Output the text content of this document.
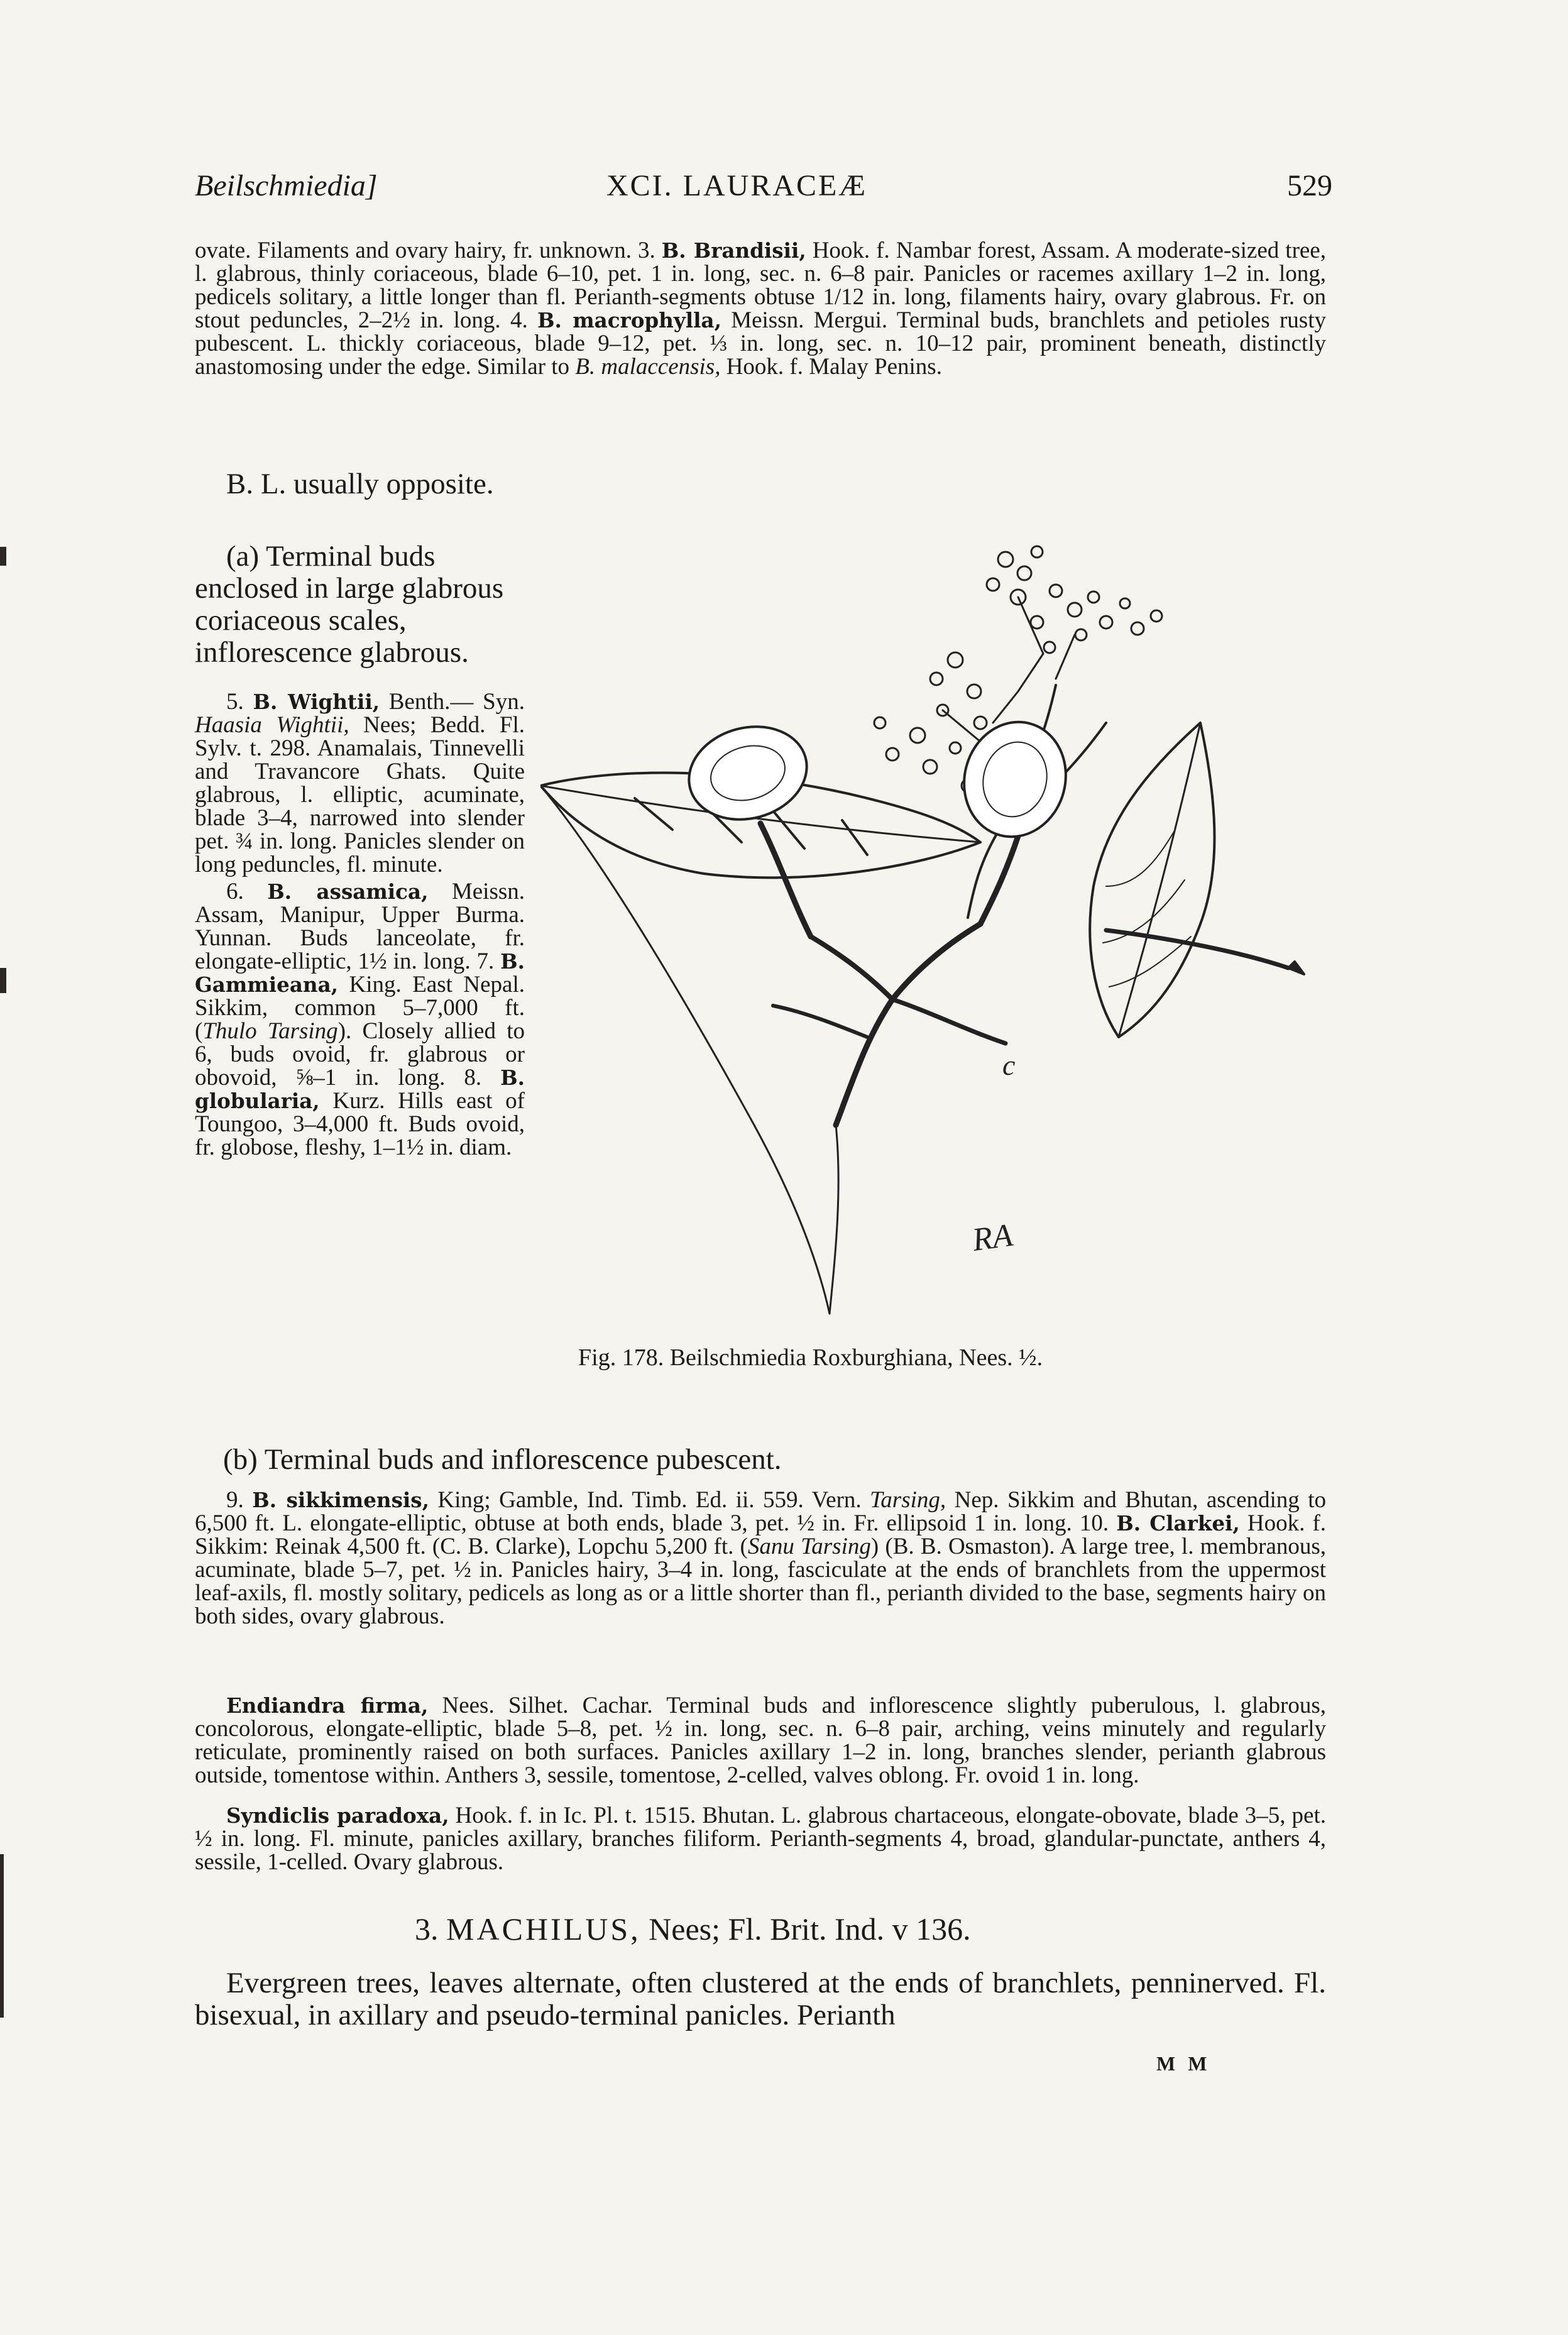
Beilschmiedia]	XCI. LAURACEÆ	529

ovate. Filaments and ovary hairy, fr. unknown. 3. B. Brandisii, Hook. f. Nambar forest, Assam. A moderate-sized tree, l. glabrous, thinly coriaceous, blade 6–10, pet. 1 in. long, sec. n. 6–8 pair. Panicles or racemes axillary 1–2 in. long, pedicels solitary, a little longer than fl. Perianth-segments obtuse 1/12 in. long, filaments hairy, ovary glabrous. Fr. on stout peduncles, 2–2½ in. long. 4. B. macrophylla, Meissn. Mergui. Terminal buds, branchlets and petioles rusty pubescent. L. thickly coriaceous, blade 9–12, pet. ⅓ in. long, sec. n. 10–12 pair, prominent beneath, distinctly anastomosing under the edge. Similar to B. malaccensis, Hook. f. Malay Penins.

B. L. usually opposite.

(a) Terminal buds enclosed in large glabrous coriaceous scales, inflorescence glabrous.

5. B. Wightii, Benth.— Syn. Haasia Wightii, Nees; Bedd. Fl. Sylv. t. 298. Anamalais, Tinnevelli and Travancore Ghats. Quite glabrous, l. elliptic, acuminate, blade 3–4, narrowed into slender pet. ¾ in. long. Panicles slender on long peduncles, fl. minute.

6. B. assamica, Meissn. Assam, Manipur, Upper Burma. Yunnan. Buds lanceolate, fr. elongate-elliptic, 1½ in. long. 7. B. Gammieana, King. East Nepal. Sikkim, common 5–7,000 ft. (Thulo Tarsing). Closely allied to 6, buds ovoid, fr. glabrous or obovoid, ⅝–1 in. long. 8. B. globularia, Kurz. Hills east of Toungoo, 3–4,000 ft. Buds ovoid, fr. globose, fleshy, 1–1½ in. diam.

c
RA
Fig. 178. Beilschmiedia Roxburghiana, Nees. ½.

(b) Terminal buds and inflorescence pubescent.

9. B. sikkimensis, King; Gamble, Ind. Timb. Ed. ii. 559. Vern. Tarsing, Nep. Sikkim and Bhutan, ascending to 6,500 ft. L. elongate-elliptic, obtuse at both ends, blade 3, pet. ½ in. Fr. ellipsoid 1 in. long. 10. B. Clarkei, Hook. f. Sikkim: Reinak 4,500 ft. (C. B. Clarke), Lopchu 5,200 ft. (Sanu Tarsing) (B. B. Osmaston). A large tree, l. membranous, acuminate, blade 5–7, pet. ½ in. Panicles hairy, 3–4 in. long, fasciculate at the ends of branchlets from the uppermost leaf-axils, fl. mostly solitary, pedicels as long as or a little shorter than fl., perianth divided to the base, segments hairy on both sides, ovary glabrous.

Endiandra firma, Nees. Silhet. Cachar. Terminal buds and inflorescence slightly puberulous, l. glabrous, concolorous, elongate-elliptic, blade 5–8, pet. ½ in. long, sec. n. 6–8 pair, arching, veins minutely and regularly reticulate, prominently raised on both surfaces. Panicles axillary 1–2 in. long, branches slender, perianth glabrous outside, tomentose within. Anthers 3, sessile, tomentose, 2-celled, valves oblong. Fr. ovoid 1 in. long.

Syndiclis paradoxa, Hook. f. in Ic. Pl. t. 1515. Bhutan. L. glabrous chartaceous, elongate-obovate, blade 3–5, pet. ½ in. long. Fl. minute, panicles axillary, branches filiform. Perianth-segments 4, broad, glandular-punctate, anthers 4, sessile, 1-celled. Ovary glabrous.

3. MACHILUS, Nees; Fl. Brit. Ind. v 136.

Evergreen trees, leaves alternate, often clustered at the ends of branchlets, penninerved. Fl. bisexual, in axillary and pseudo-terminal panicles. Perianth

M M
